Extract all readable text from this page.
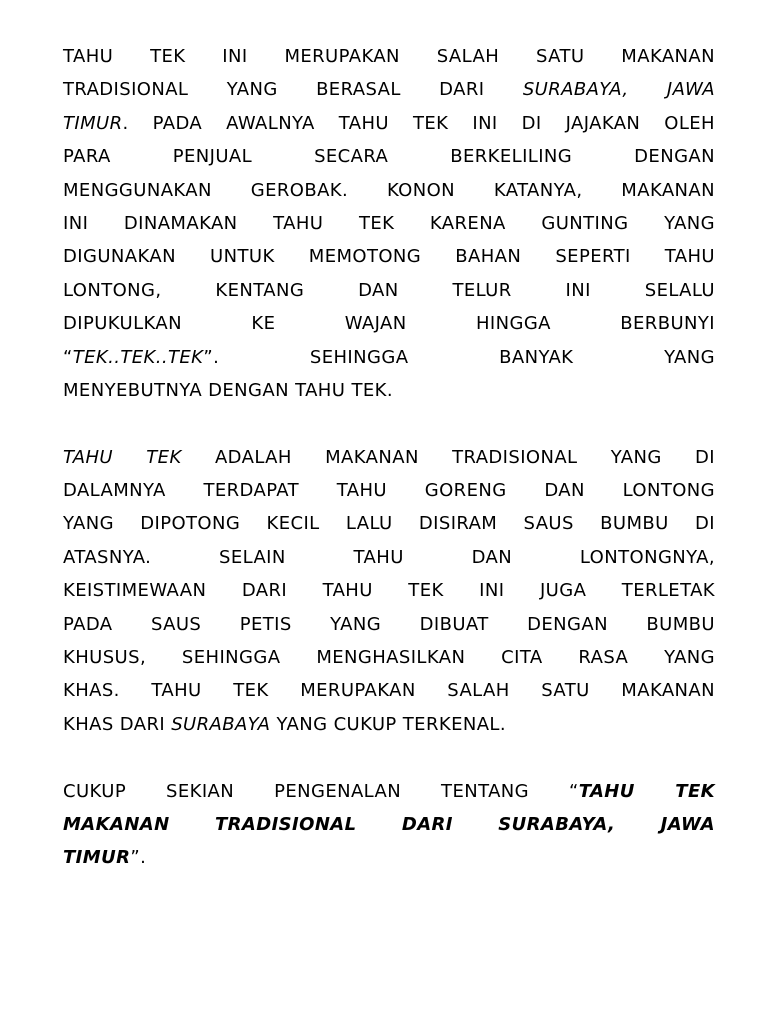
TAHU TEK INI MERUPAKAN SALAH SATU MAKANAN
TRADISIONAL YANG BERASAL DARI SURABAYA, JAWA
TIMUR. PADA AWALNYA TAHU TEK INI DI JAJAKAN OLEH
PARA PENJUAL SECARA BERKELILING DENGAN
MENGGUNAKAN GEROBAK. KONON KATANYA, MAKANAN
INI DINAMAKAN TAHU TEK KARENA GUNTING YANG
DIGUNAKAN UNTUK MEMOTONG BAHAN SEPERTI TAHU
LONTONG, KENTANG DAN TELUR INI SELALU
DIPUKULKAN KE WAJAN HINGGA BERBUNYI
“TEK..TEK..TEK”. SEHINGGA BANYAK YANG
MENYEBUTNYA DENGAN TAHU TEK.
TAHU TEK ADALAH MAKANAN TRADISIONAL YANG DI
DALAMNYA TERDAPAT TAHU GORENG DAN LONTONG
YANG DIPOTONG KECIL LALU DISIRAM SAUS BUMBU DI
ATASNYA. SELAIN TAHU DAN LONTONGNYA,
KEISTIMEWAAN DARI TAHU TEK INI JUGA TERLETAK
PADA SAUS PETIS YANG DIBUAT DENGAN BUMBU
KHUSUS, SEHINGGA MENGHASILKAN CITA RASA YANG
KHAS. TAHU TEK MERUPAKAN SALAH SATU MAKANAN
KHAS DARI SURABAYA YANG CUKUP TERKENAL.
CUKUP SEKIAN PENGENALAN TENTANG “TAHU TEK
MAKANAN TRADISIONAL DARI SURABAYA, JAWA
TIMUR”.
